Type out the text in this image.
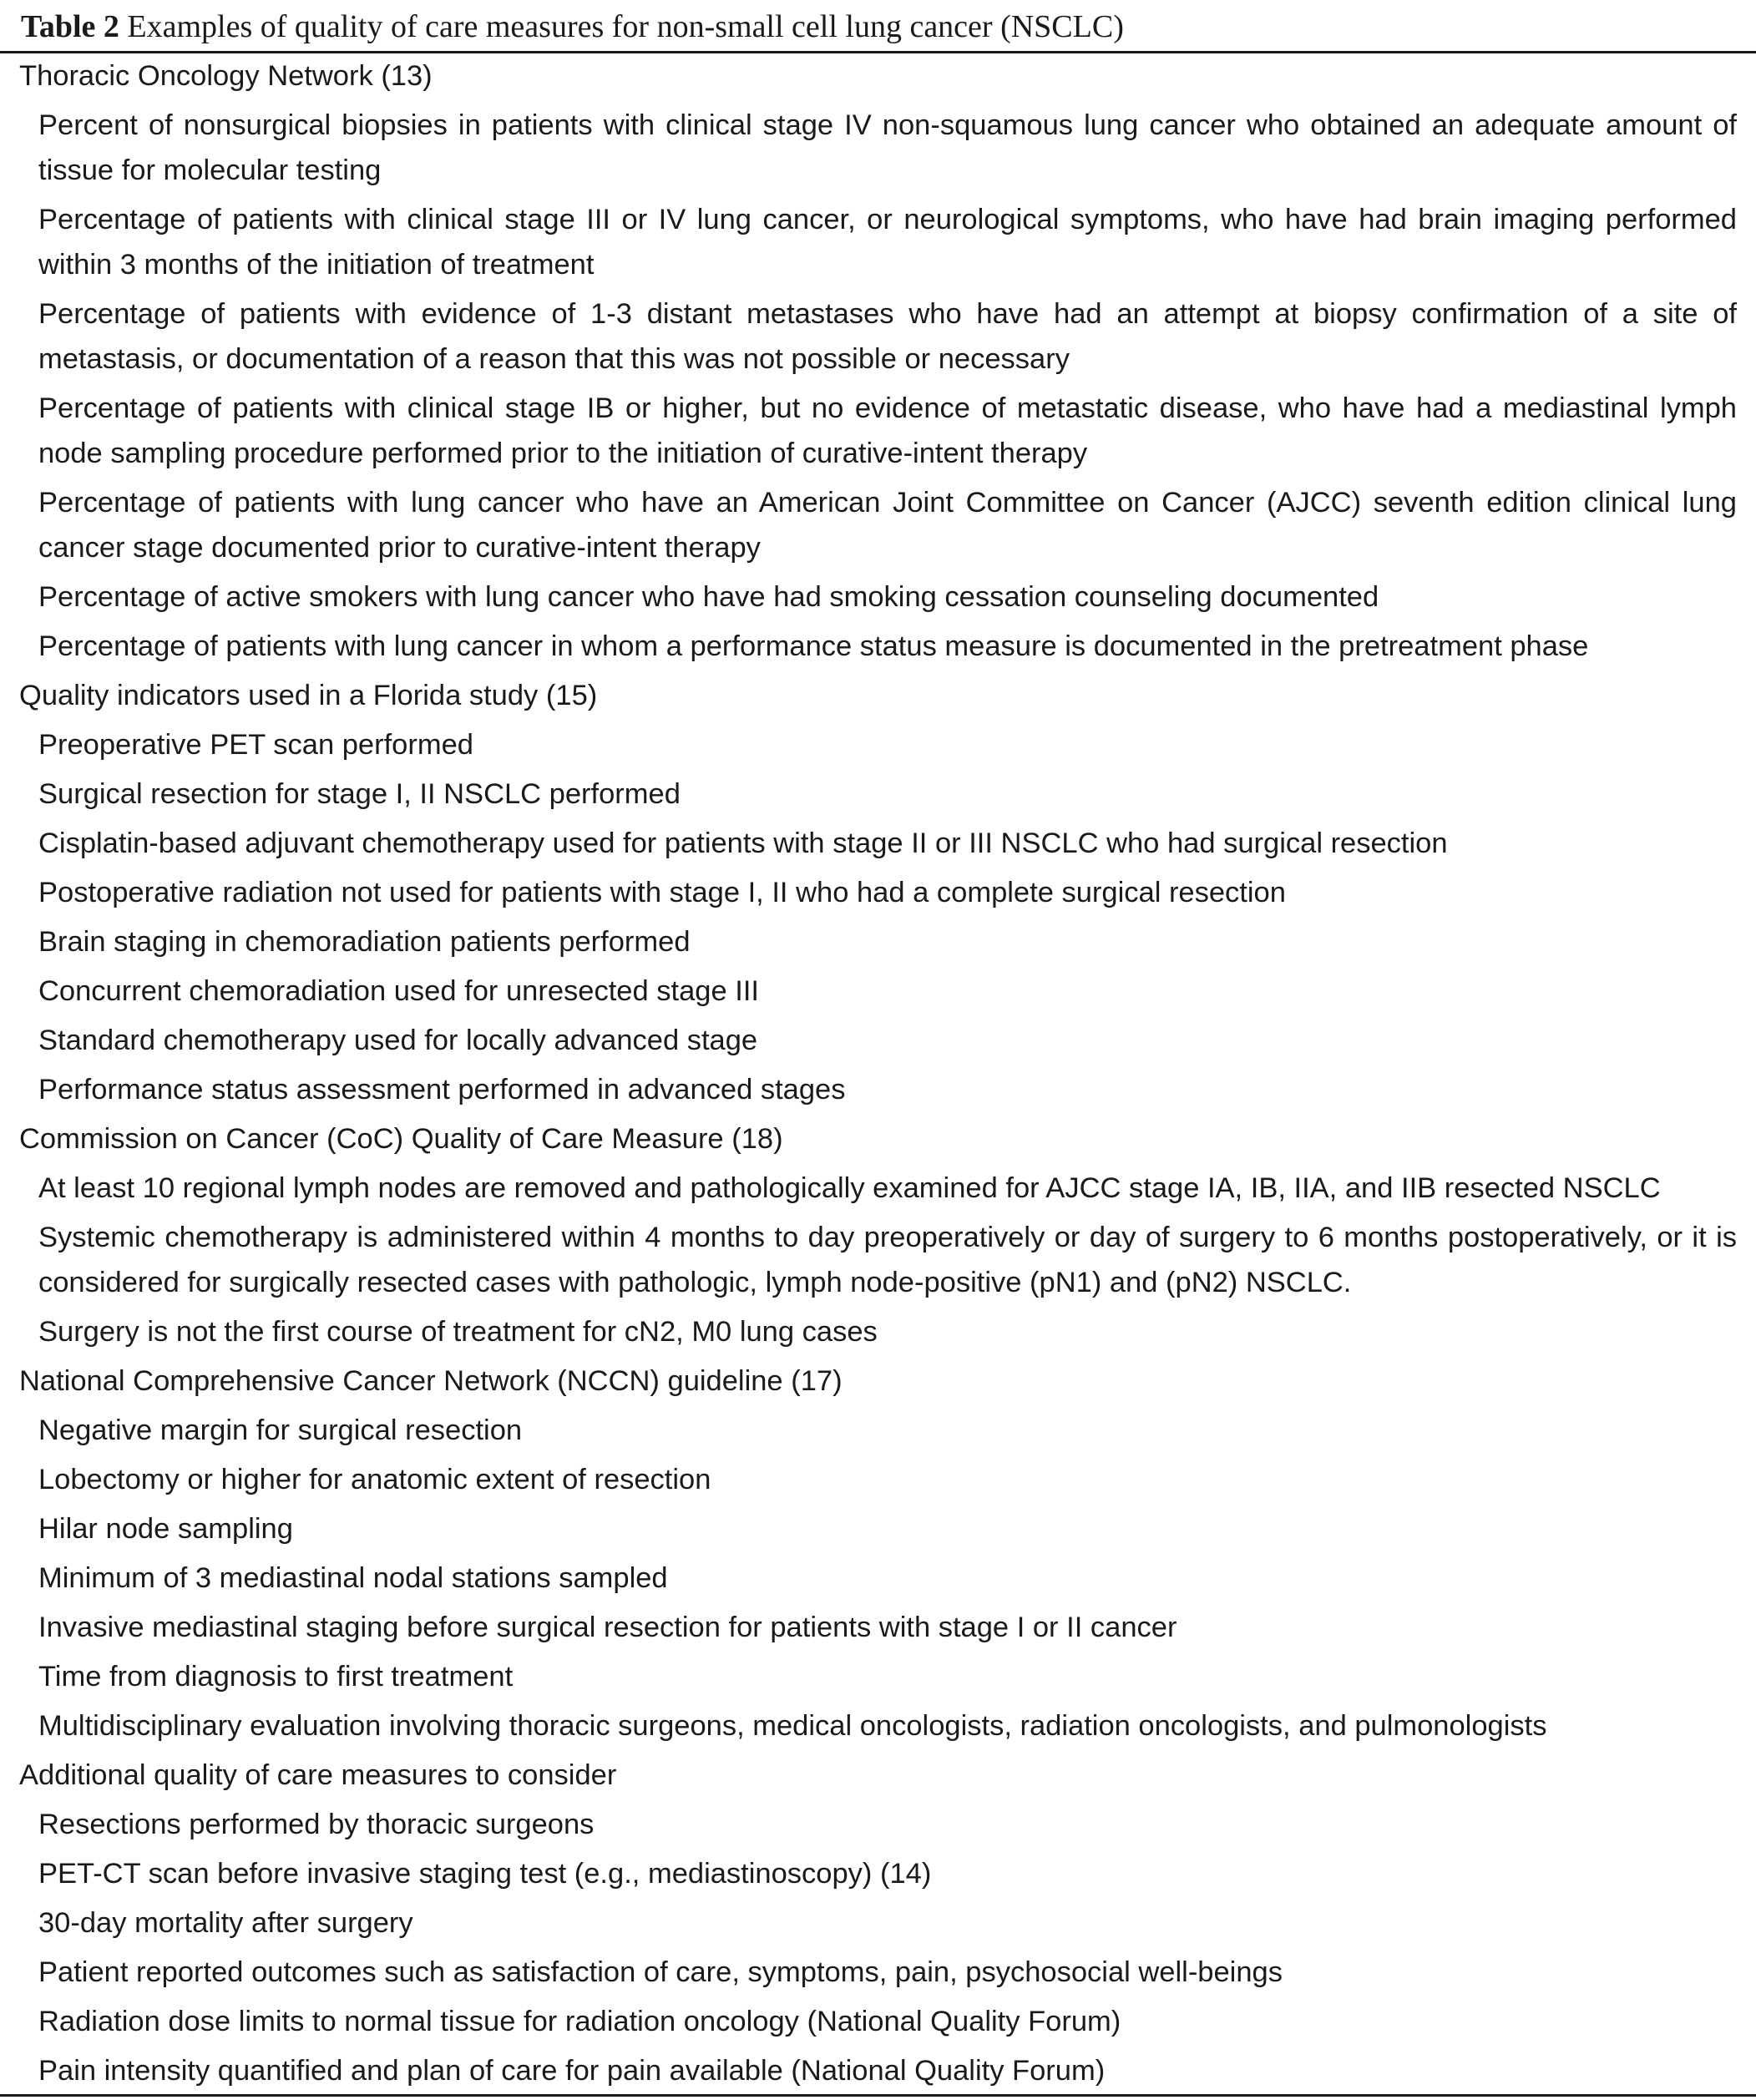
Table 2 Examples of quality of care measures for non-small cell lung cancer (NSCLC)
Thoracic Oncology Network (13)
Percent of nonsurgical biopsies in patients with clinical stage IV non-squamous lung cancer who obtained an adequate amount of tissue for molecular testing
Percentage of patients with clinical stage III or IV lung cancer, or neurological symptoms, who have had brain imaging performed within 3 months of the initiation of treatment
Percentage of patients with evidence of 1-3 distant metastases who have had an attempt at biopsy confirmation of a site of metastasis, or documentation of a reason that this was not possible or necessary
Percentage of patients with clinical stage IB or higher, but no evidence of metastatic disease, who have had a mediastinal lymph node sampling procedure performed prior to the initiation of curative-intent therapy
Percentage of patients with lung cancer who have an American Joint Committee on Cancer (AJCC) seventh edition clinical lung cancer stage documented prior to curative-intent therapy
Percentage of active smokers with lung cancer who have had smoking cessation counseling documented
Percentage of patients with lung cancer in whom a performance status measure is documented in the pretreatment phase
Quality indicators used in a Florida study (15)
Preoperative PET scan performed
Surgical resection for stage I, II NSCLC performed
Cisplatin-based adjuvant chemotherapy used for patients with stage II or III NSCLC who had surgical resection
Postoperative radiation not used for patients with stage I, II who had a complete surgical resection
Brain staging in chemoradiation patients performed
Concurrent chemoradiation used for unresected stage III
Standard chemotherapy used for locally advanced stage
Performance status assessment performed in advanced stages
Commission on Cancer (CoC) Quality of Care Measure (18)
At least 10 regional lymph nodes are removed and pathologically examined for AJCC stage IA, IB, IIA, and IIB resected NSCLC
Systemic chemotherapy is administered within 4 months to day preoperatively or day of surgery to 6 months postoperatively, or it is considered for surgically resected cases with pathologic, lymph node-positive (pN1) and (pN2) NSCLC.
Surgery is not the first course of treatment for cN2, M0 lung cases
National Comprehensive Cancer Network (NCCN) guideline (17)
Negative margin for surgical resection
Lobectomy or higher for anatomic extent of resection
Hilar node sampling
Minimum of 3 mediastinal nodal stations sampled
Invasive mediastinal staging before surgical resection for patients with stage I or II cancer
Time from diagnosis to first treatment
Multidisciplinary evaluation involving thoracic surgeons, medical oncologists, radiation oncologists, and pulmonologists
Additional quality of care measures to consider
Resections performed by thoracic surgeons
PET-CT scan before invasive staging test (e.g., mediastinoscopy) (14)
30-day mortality after surgery
Patient reported outcomes such as satisfaction of care, symptoms, pain, psychosocial well-beings
Radiation dose limits to normal tissue for radiation oncology (National Quality Forum)
Pain intensity quantified and plan of care for pain available (National Quality Forum)
